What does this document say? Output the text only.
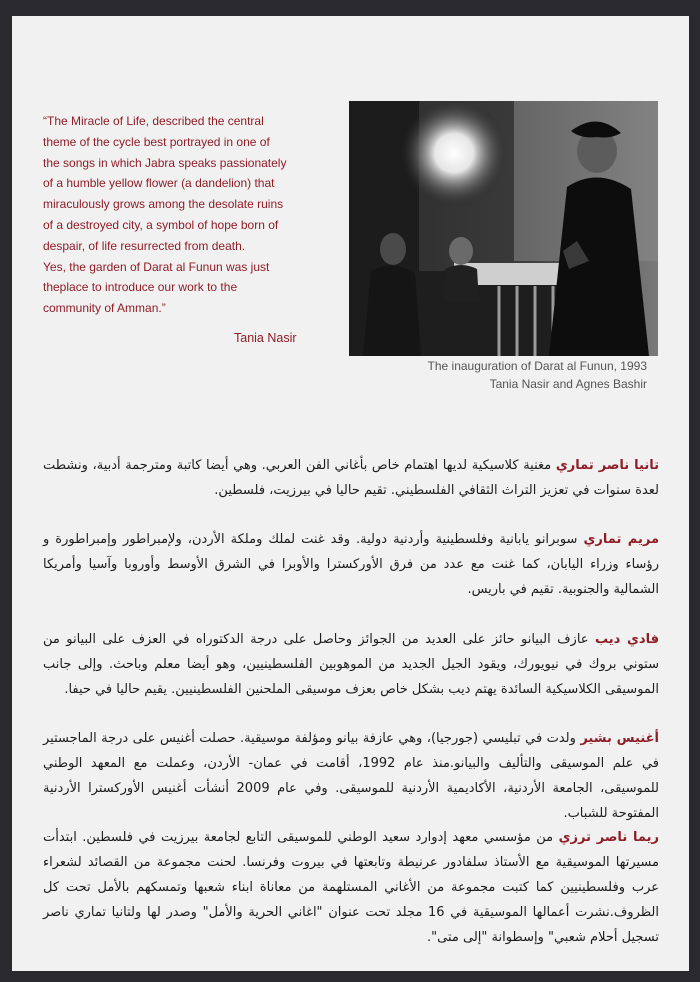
“The Miracle of Life, described the central

theme of the cycle best portrayed in one of

the songs in which Jabra speaks passionately

of a humble yellow flower (a dandelion) that

miraculously grows among the desolate ruins

of a destroyed city, a symbol of hope born of

despair, of life resurrected from death.

Yes, the garden of Darat al Funun was just

theplace to introduce our work to the

community of Amman.”

Tania Nasir
The inauguration of Darat al Funun, 1993
Tania Nasir and Agnes Bashir

تانيا ناصر تماري مغنية كلاسيكية لديها اهتمام خاص بأغاني الفن العربي. وهي أيضا كاتبة ومترجمة أدبية، ونشطت لعدة سنوات في تعزيز التراث الثقافي الفلسطيني. تقيم حاليا في بيرزيت، فلسطين.

مريم تماري سوبرانو يابانية وفلسطينية وأردنية دولية. وقد غنت لملك وملكة الأردن، ولإمبراطور وإمبراطورة و رؤساء وزراء اليابان، كما غنت مع عدد من فرق الأوركسترا والأوبرا في الشرق الأوسط وأوروبا وآسيا وأمريكا الشمالية والجنوبية. تقيم في باريس.

فادي ديب عازف البيانو حائز على العديد من الجوائز وحاصل على درجة الدكتوراه في العزف على البيانو من ستوني بروك في نيويورك، ويقود الجيل الجديد من الموهوبين الفلسطينيين، وهو أيضا معلم وباحث. وإلى جانب الموسيقى الكلاسيكية السائدة يهتم ديب بشكل خاص بعزف موسيقى الملحنين الفلسطينيين. يقيم حاليا في حيفا.

أغنيس بشير ولدت في تبليسي (جورجيا)، وهي عازفة بيانو ومؤلفة موسيقية. حصلت أغنيس على درجة الماجستير في علم الموسيقى والتأليف والبيانو.منذ عام 1992، أقامت في عمان- الأردن، وعملت مع المعهد الوطني للموسيقى، الجامعة الأردنية، الأكاديمية الأردنية للموسيقى. وفي عام 2009 أنشأت أغنيس الأوركسترا الأردنية المفتوحة للشباب.

ريما ناصر ترزي من مؤسسي معهد إدوارد سعيد الوطني للموسيقى التابع لجامعة بيرزيت في فلسطين. ابتدأت مسيرتها الموسيقية مع الأستاذ سلفادور عرنيطة وتابعتها في بيروت وفرنسا. لحنت مجموعة من القصائد لشعراء عرب وفلسطينيين كما كتبت مجموعة من الأغاني المستلهمة من معاناة ابناء شعبها وتمسكهم بالأمل تحت كل الظروف.نشرت أعمالها الموسيقية في 16 مجلد تحت عنوان "اغاني الحرية والأمل" وصدر لها ولتانيا تماري ناصر تسجيل أحلام شعبي" وإسطوانة "إلى متى".
